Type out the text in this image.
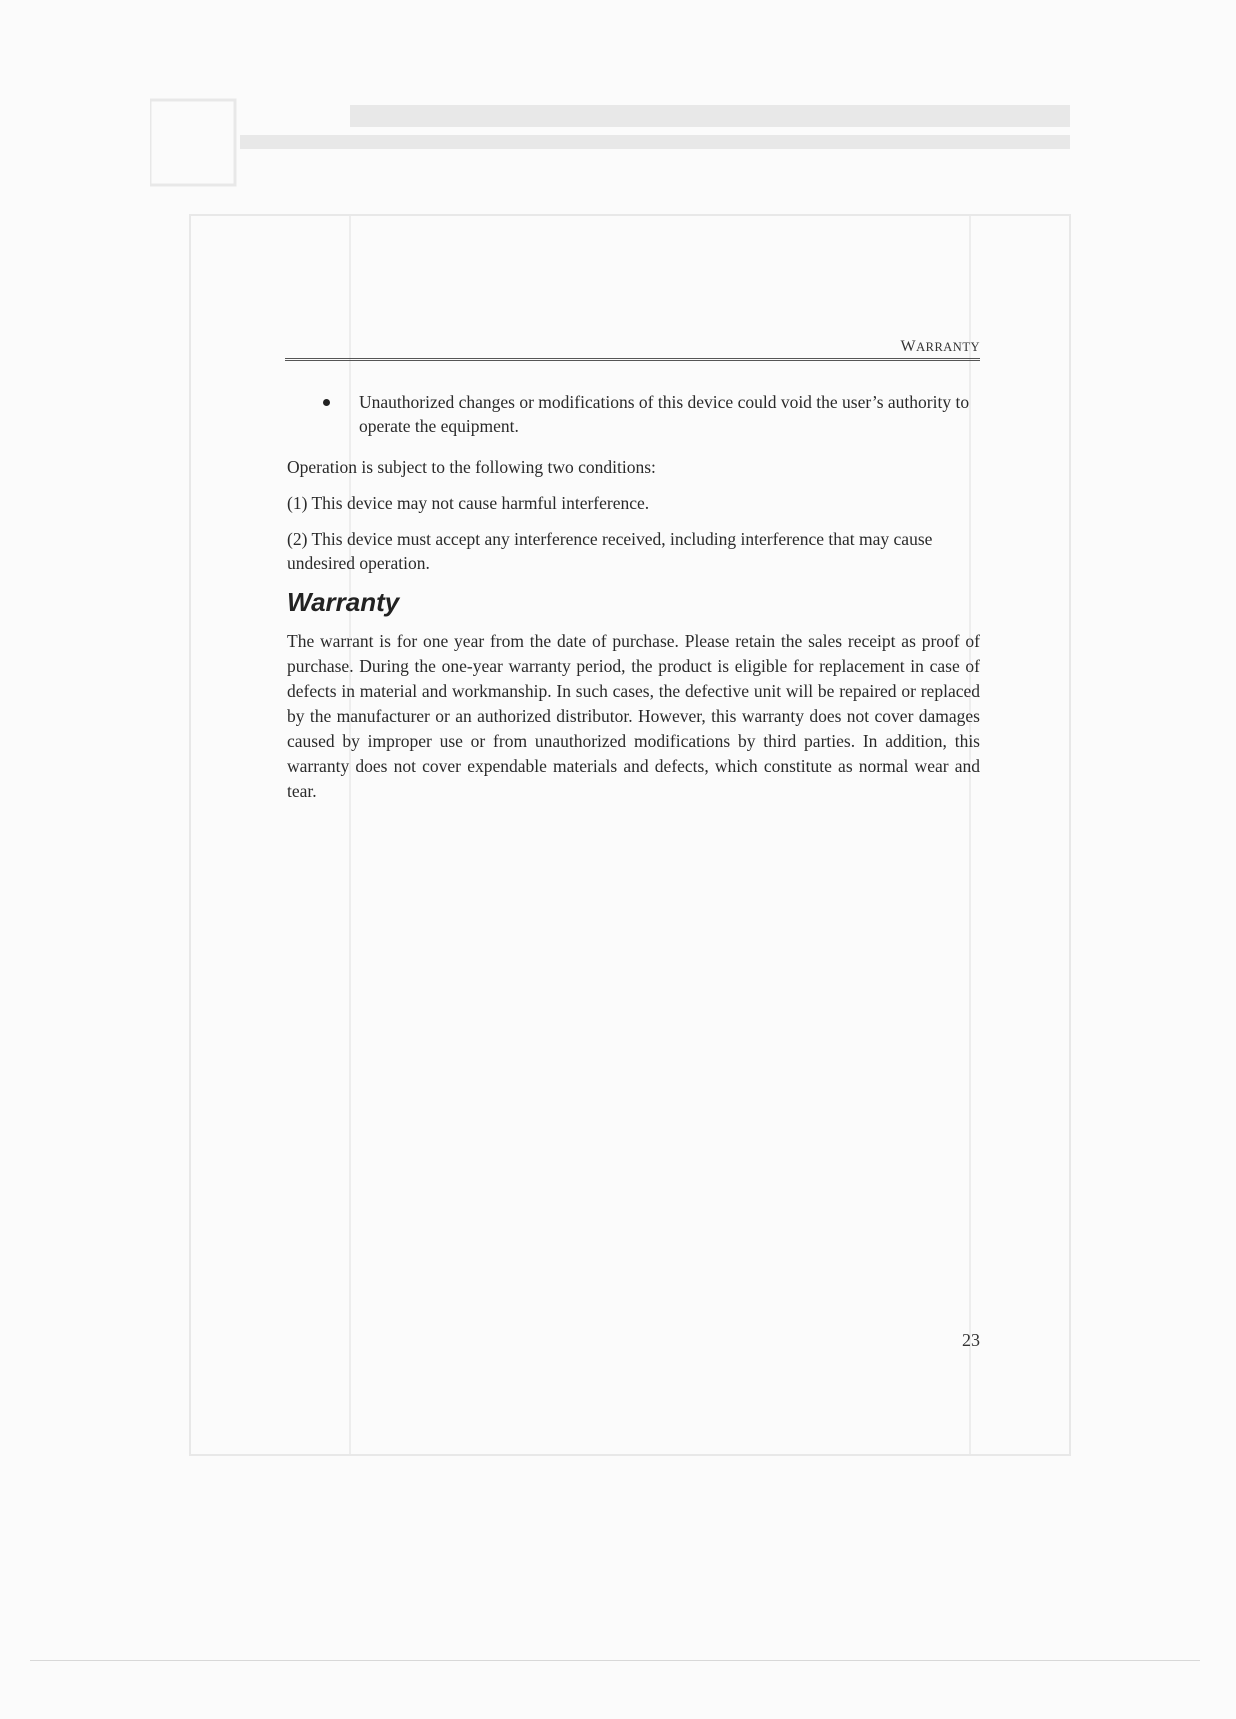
WARRANTY
Unauthorized changes or modifications of this device could void the user’s authority to operate the equipment.

Operation is subject to the following two conditions:

(1) This device may not cause harmful interference.

(2) This device must accept any interference received, including interference that may cause undesired operation.

Warranty

The warrant is for one year from the date of purchase. Please retain the sales receipt as proof of purchase. During the one-year warranty period, the product is eligible for replacement in case of defects in material and workmanship. In such cases, the defective unit will be repaired or replaced by the manufacturer or an authorized distributor. However, this warranty does not cover damages caused by improper use or from unauthorized modifications by third parties. In addition, this warranty does not cover expendable materials and defects, which constitute as normal wear and tear.

23
